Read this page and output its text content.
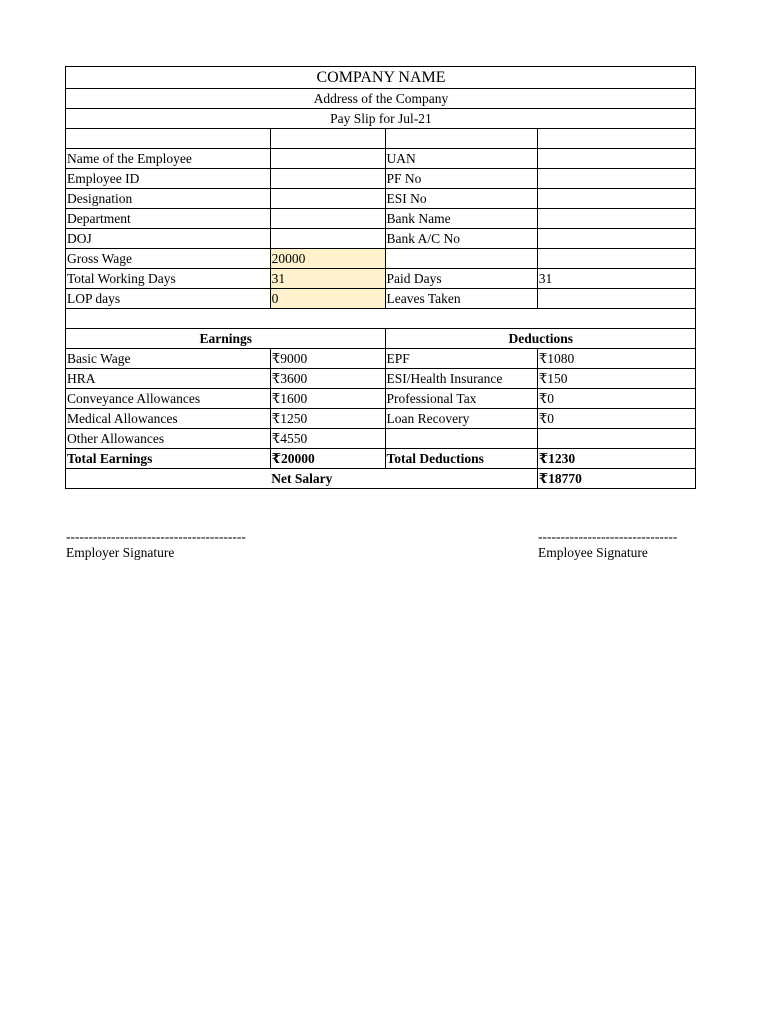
COMPANY NAME			
Address of the Company			
Pay Slip for Jul-21			

Name of the Employee		UAN	
Employee ID		PF No	
Designation		ESI No	
Department		Bank Name	
DOJ		Bank A/C No	
Gross Wage	20000		
Total Working Days	31	Paid Days	31
LOP days	0	Leaves Taken	

Earnings		Deductions	
Basic Wage	₹9000	EPF	₹1080
HRA	₹3600	ESI/Health Insurance	₹150
Conveyance Allowances	₹1600	Professional Tax	₹0
Medical Allowances	₹1250	Loan Recovery	₹0
Other Allowances	₹4550		
Total Earnings	₹20000	Total Deductions	₹1230
Net Salary			₹18770
----------------------------------------
Employer Signature
-------------------------------
Employee Signature
